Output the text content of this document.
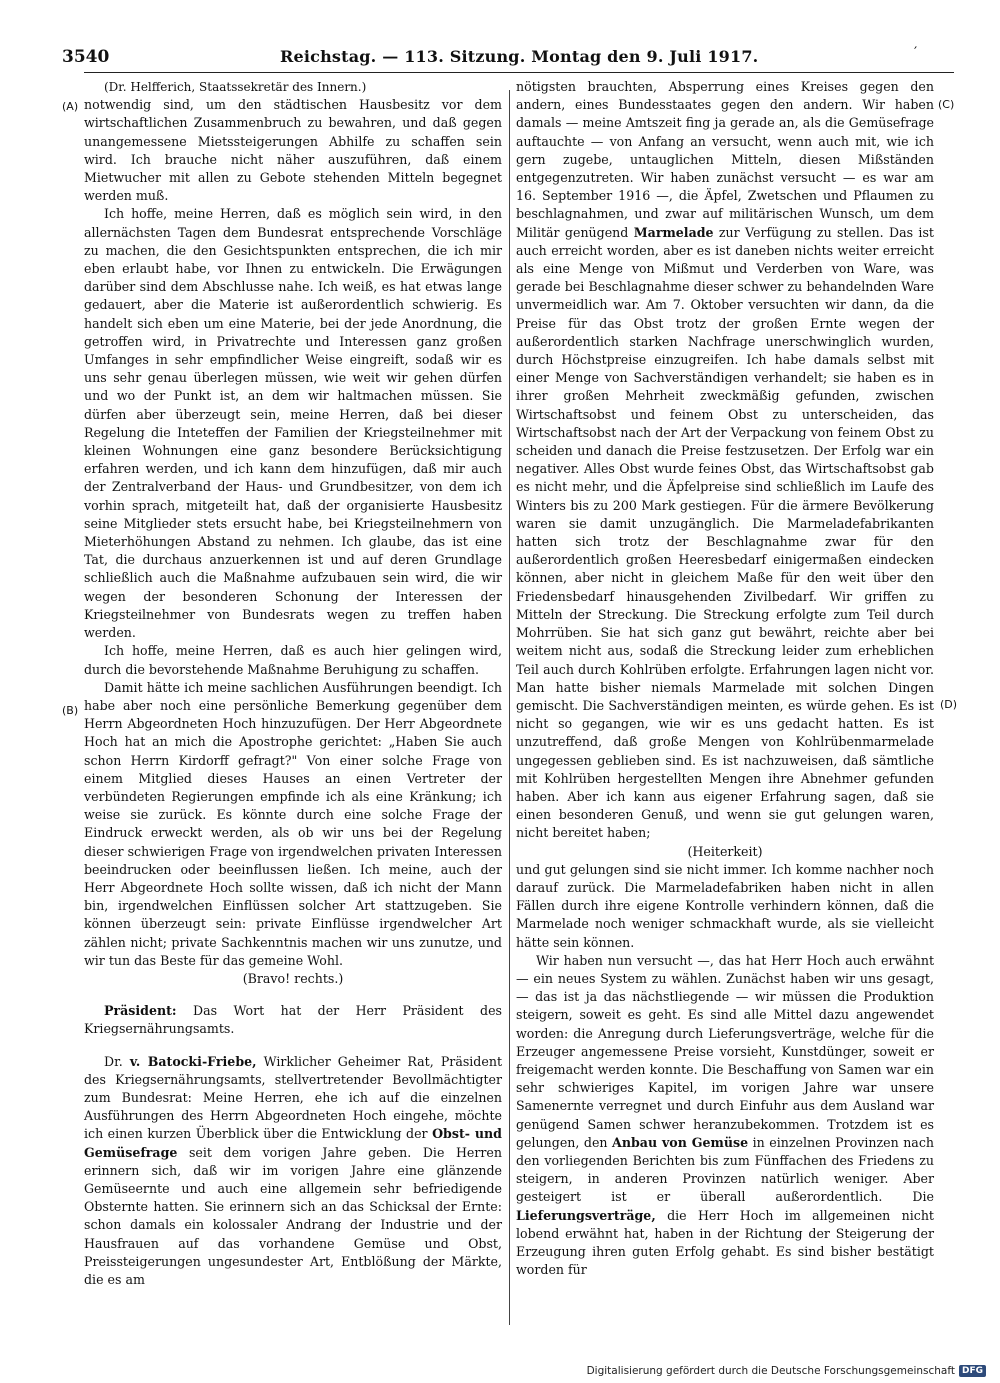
3540	Reichstag. — 113. Sitzung. Montag den 9. Juli 1917.	′
(A)
(B)
(C)
(D)

(Dr. Helfferich, Staatssekretär des Innern.)

notwendig sind, um den städtischen Hausbesitz vor dem wirtschaftlichen Zusammenbruch zu bewahren, und daß gegen unangemessene Mietssteigerungen Abhilfe zu schaffen sein wird. Ich brauche nicht näher auszuführen, daß einem Mietwucher mit allen zu Gebote stehenden Mitteln begegnet werden muß.

Ich hoffe, meine Herren, daß es möglich sein wird, in den allernächsten Tagen dem Bundesrat entsprechende Vorschläge zu machen, die den Gesichtspunkten entsprechen, die ich mir eben erlaubt habe, vor Ihnen zu entwickeln. Die Erwägungen darüber sind dem Abschlusse nahe. Ich weiß, es hat etwas lange gedauert, aber die Materie ist außerordentlich schwierig. Es handelt sich eben um eine Materie, bei der jede Anordnung, die getroffen wird, in Privatrechte und Interessen ganz großen Umfanges in sehr empfindlicher Weise eingreift, sodaß wir es uns sehr genau überlegen müssen, wie weit wir gehen dürfen und wo der Punkt ist, an dem wir haltmachen müssen. Sie dürfen aber überzeugt sein, meine Herren, daß bei dieser Regelung die Inteteffen der Familien der Kriegsteilnehmer mit kleinen Wohnungen eine ganz besondere Berücksichtigung erfahren werden, und ich kann dem hinzufügen, daß mir auch der Zentralverband der Haus- und Grundbesitzer, von dem ich vorhin sprach, mitgeteilt hat, daß der organisierte Hausbesitz seine Mitglieder stets ersucht habe, bei Kriegsteilnehmern von Mieterhöhungen Abstand zu nehmen. Ich glaube, das ist eine Tat, die durchaus anzuerkennen ist und auf deren Grundlage schließlich auch die Maßnahme aufzubauen sein wird, die wir wegen der besonderen Schonung der Interessen der Kriegsteilnehmer von Bundesrats wegen zu treffen haben werden.

Ich hoffe, meine Herren, daß es auch hier gelingen wird, durch die bevorstehende Maßnahme Beruhigung zu schaffen.

Damit hätte ich meine sachlichen Ausführungen beendigt. Ich habe aber noch eine persönliche Bemerkung gegenüber dem Herrn Abgeordneten Hoch hinzuzufügen. Der Herr Abgeordnete Hoch hat an mich die Apostrophe gerichtet: „Haben Sie auch schon Herrn Kirdorff gefragt?" Von einer solche Frage von einem Mitglied dieses Hauses an einen Vertreter der verbündeten Regierungen empfinde ich als eine Kränkung; ich weise sie zurück. Es könnte durch eine solche Frage der Eindruck erweckt werden, als ob wir uns bei der Regelung dieser schwierigen Frage von irgendwelchen privaten Interessen beeindrucken oder beeinflussen ließen. Ich meine, auch der Herr Abgeordnete Hoch sollte wissen, daß ich nicht der Mann bin, irgendwelchen Einflüssen solcher Art stattzugeben. Sie können überzeugt sein: private Einflüsse irgendwelcher Art zählen nicht; private Sachkenntnis machen wir uns zunutze, und wir tun das Beste für das gemeine Wohl.

(Bravo! rechts.)

Präsident: Das Wort hat der Herr Präsident des Kriegsernährungsamts.

Dr. v. Batocki-Friebe, Wirklicher Geheimer Rat, Präsident des Kriegsernährungsamts, stellvertretender Bevollmächtigter zum Bundesrat: Meine Herren, ehe ich auf die einzelnen Ausführungen des Herrn Abgeordneten Hoch eingehe, möchte ich einen kurzen Überblick über die Entwicklung der Obst- und Gemüsefrage seit dem vorigen Jahre geben. Die Herren erinnern sich, daß wir im vorigen Jahre eine glänzende Gemüseernte und auch eine allgemein sehr befriedigende Obsternte hatten. Sie erinnern sich an das Schicksal der Ernte: schon damals ein kolossaler Andrang der Industrie und der Hausfrauen auf das vorhandene Gemüse und Obst, Preissteigerungen ungesundester Art, Entblößung der Märkte, die es am

nötigsten brauchten, Absperrung eines Kreises gegen den andern, eines Bundesstaates gegen den andern. Wir haben damals — meine Amtszeit fing ja gerade an, als die Gemüsefrage auftauchte — von Anfang an versucht, wenn auch mit, wie ich gern zugebe, untauglichen Mitteln, diesen Mißständen entgegenzutreten. Wir haben zunächst versucht — es war am 16. September 1916 —, die Äpfel, Zwetschen und Pflaumen zu beschlagnahmen, und zwar auf militärischen Wunsch, um dem Militär genügend Marmelade zur Verfügung zu stellen. Das ist auch erreicht worden, aber es ist daneben nichts weiter erreicht als eine Menge von Mißmut und Verderben von Ware, was gerade bei Beschlagnahme dieser schwer zu behandelnden Ware unvermeidlich war. Am 7. Oktober versuchten wir dann, da die Preise für das Obst trotz der großen Ernte wegen der außerordentlich starken Nachfrage unerschwinglich wurden, durch Höchstpreise einzugreifen. Ich habe damals selbst mit einer Menge von Sachverständigen verhandelt; sie haben es in ihrer großen Mehrheit zweckmäßig gefunden, zwischen Wirtschaftsobst und feinem Obst zu unterscheiden, das Wirtschaftsobst nach der Art der Verpackung von feinem Obst zu scheiden und danach die Preise festzusetzen. Der Erfolg war ein negativer. Alles Obst wurde feines Obst, das Wirtschaftsobst gab es nicht mehr, und die Äpfelpreise sind schließlich im Laufe des Winters bis zu 200 Mark gestiegen. Für die ärmere Bevölkerung waren sie damit unzugänglich. Die Marmeladefabrikanten hatten sich trotz der Beschlagnahme zwar für den außerordentlich großen Heeresbedarf einigermaßen eindecken können, aber nicht in gleichem Maße für den weit über den Friedensbedarf hinausgehenden Zivilbedarf. Wir griffen zu Mitteln der Streckung. Die Streckung erfolgte zum Teil durch Mohrrüben. Sie hat sich ganz gut bewährt, reichte aber bei weitem nicht aus, sodaß die Streckung leider zum erheblichen Teil auch durch Kohlrüben erfolgte. Erfahrungen lagen nicht vor. Man hatte bisher niemals Marmelade mit solchen Dingen gemischt. Die Sachverständigen meinten, es würde gehen. Es ist nicht so gegangen, wie wir es uns gedacht hatten. Es ist unzutreffend, daß große Mengen von Kohlrübenmarmelade ungegessen geblieben sind. Es ist nachzuweisen, daß sämtliche mit Kohlrüben hergestellten Mengen ihre Abnehmer gefunden haben. Aber ich kann aus eigener Erfahrung sagen, daß sie einen besonderen Genuß, und wenn sie gut gelungen waren, nicht bereitet haben;

(Heiterkeit)

und gut gelungen sind sie nicht immer. Ich komme nachher noch darauf zurück. Die Marmeladefabriken haben nicht in allen Fällen durch ihre eigene Kontrolle verhindern können, daß die Marmelade noch weniger schmackhaft wurde, als sie vielleicht hätte sein können.

Wir haben nun versucht —, das hat Herr Hoch auch erwähnt — ein neues System zu wählen. Zunächst haben wir uns gesagt, — das ist ja das nächstliegende — wir müssen die Produktion steigern, soweit es geht. Es sind alle Mittel dazu angewendet worden: die Anregung durch Lieferungsverträge, welche für die Erzeuger angemessene Preise vorsieht, Kunstdünger, soweit er freigemacht werden konnte. Die Beschaffung von Samen war ein sehr schwieriges Kapitel, im vorigen Jahre war unsere Samenernte verregnet und durch Einfuhr aus dem Ausland war genügend Samen schwer heranzubekommen. Trotzdem ist es gelungen, den Anbau von Gemüse in einzelnen Provinzen nach den vorliegenden Berichten bis zum Fünffachen des Friedens zu steigern, in anderen Provinzen natürlich weniger. Aber gesteigert ist er überall außerordentlich. Die Lieferungsverträge, die Herr Hoch im allgemeinen nicht lobend erwähnt hat, haben in der Richtung der Steigerung der Erzeugung ihren guten Erfolg gehabt. Es sind bisher bestätigt worden für

Digitalisierung gefördert durch die Deutsche Forschungsgemeinschaft DFG
